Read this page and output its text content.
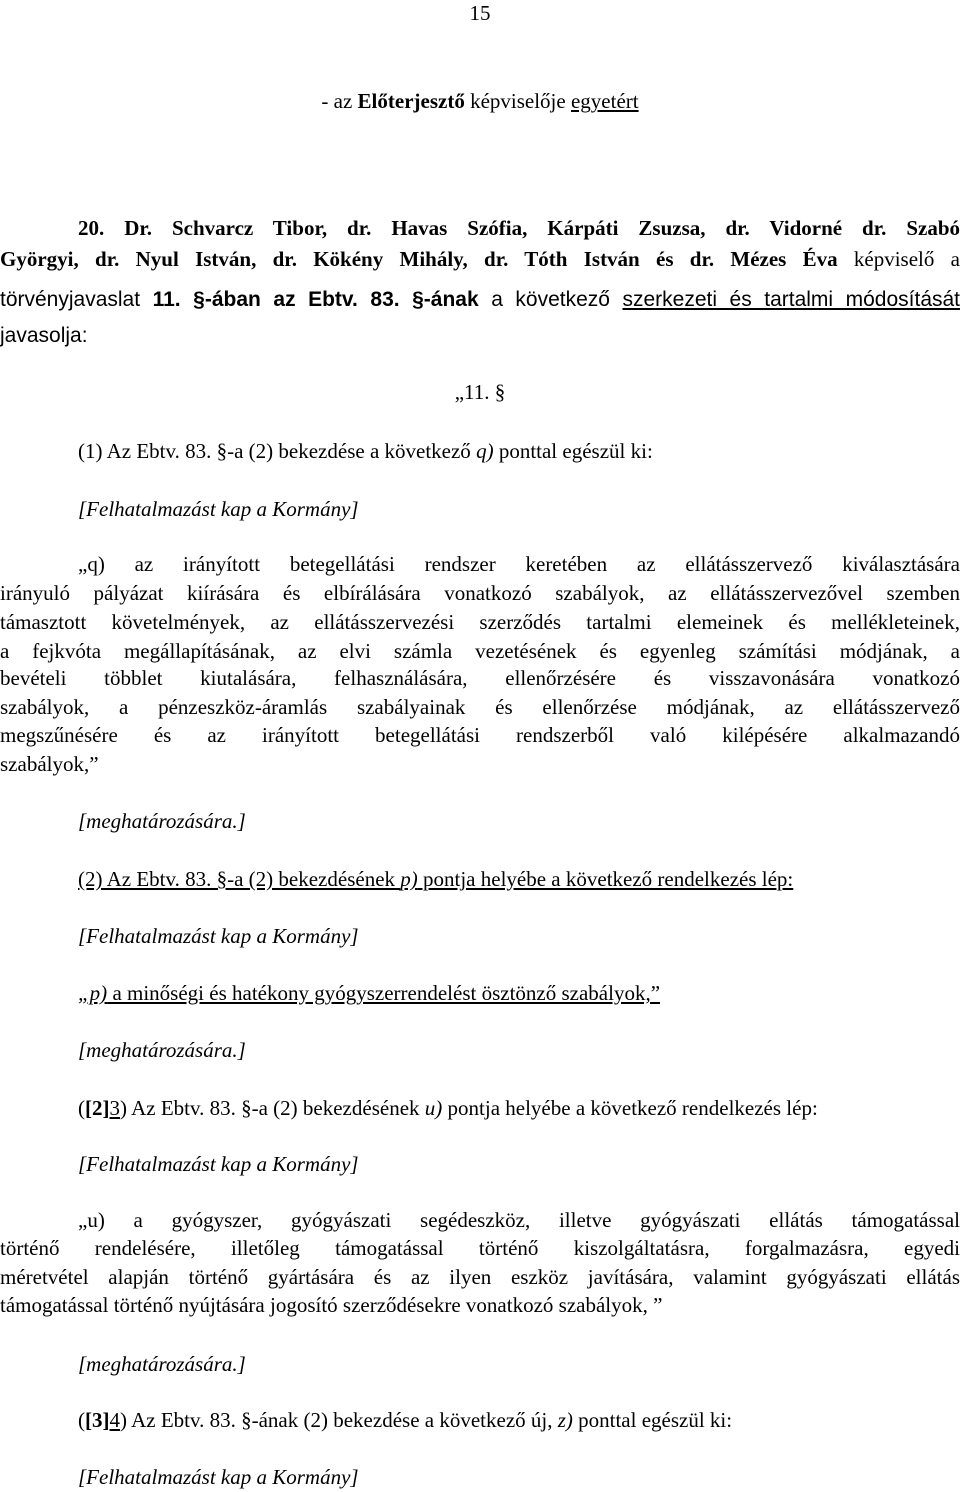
15
- az Előterjesztő képviselője egyetért
20. Dr. Schvarcz Tibor, dr. Havas Szófia, Kárpáti Zsuzsa, dr. Vidorné dr. Szabó
Györgyi, dr. Nyul István, dr. Kökény Mihály, dr. Tóth István és dr. Mézes Éva képviselő a
törvényjavaslat 11. §-ában az Ebtv. 83. §-ának a következő szerkezeti és tartalmi módosítását
javasolja:
„11. §
(1) Az Ebtv. 83. §-a (2) bekezdése a következő q) ponttal egészül ki:
[Felhatalmazást kap a Kormány]
„q) az irányított betegellátási rendszer keretében az ellátásszervező kiválasztására
irányuló pályázat kiírására és elbírálására vonatkozó szabályok, az ellátásszervezővel szemben
támasztott követelmények, az ellátásszervezési szerződés tartalmi elemeinek és mellékleteinek,
a fejkvóta megállapításának, az elvi számla vezetésének és egyenleg számítási módjának, a
bevételi többlet kiutalására, felhasználására, ellenőrzésére és visszavonására vonatkozó
szabályok, a pénzeszköz-áramlás szabályainak és ellenőrzése módjának, az ellátásszervező
megszűnésére és az irányított betegellátási rendszerből való kilépésére alkalmazandó
szabályok,”
[meghatározására.]
(2) Az Ebtv. 83. §-a (2) bekezdésének p) pontja helyébe a következő rendelkezés lép:
[Felhatalmazást kap a Kormány]
„p) a minőségi és hatékony gyógyszerrendelést ösztönző szabályok,”
[meghatározására.]
([2]3) Az Ebtv. 83. §-a (2) bekezdésének u) pontja helyébe a következő rendelkezés lép:
[Felhatalmazást kap a Kormány]
„u) a gyógyszer, gyógyászati segédeszköz, illetve gyógyászati ellátás támogatással
történő rendelésére, illetőleg támogatással történő kiszolgáltatásra, forgalmazásra, egyedi
méretvétel alapján történő gyártására és az ilyen eszköz javítására, valamint gyógyászati ellátás
támogatással történő nyújtására jogosító szerződésekre vonatkozó szabályok, ”
[meghatározására.]
([3]4) Az Ebtv. 83. §-ának (2) bekezdése a következő új, z) ponttal egészül ki:
[Felhatalmazást kap a Kormány]
